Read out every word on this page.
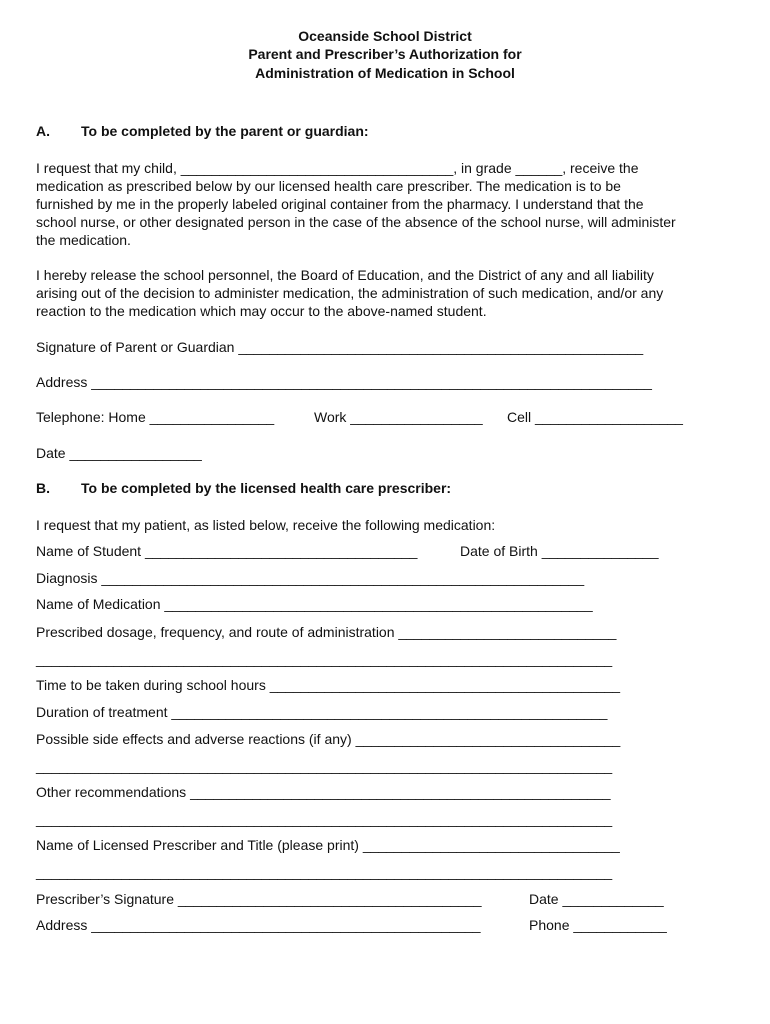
Oceanside School District
Parent and Prescriber’s Authorization for
Administration of Medication in School
A. To be completed by the parent or guardian:
I request that my child, ___________________________________, in grade ______, receive the
medication as prescribed below by our licensed health care prescriber. The medication is to be
furnished by me in the properly labeled original container from the pharmacy. I understand that the
school nurse, or other designated person in the case of the absence of the school nurse, will administer
the medication.
I hereby release the school personnel, the Board of Education, and the District of any and all liability
arising out of the decision to administer medication, the administration of such medication, and/or any
reaction to the medication which may occur to the above-named student.
Signature of Parent or Guardian ____________________________________________________
Address ________________________________________________________________________
Telephone: Home ________________	Work _________________ Cell ___________________
Date _________________
B. To be completed by the licensed health care prescriber:
I request that my patient, as listed below, receive the following medication:
Name of Student ___________________________________	Date of Birth _______________
Diagnosis ______________________________________________________________
Name of Medication _______________________________________________________
Prescribed dosage, frequency, and route of administration ____________________________
__________________________________________________________________________
Time to be taken during school hours _____________________________________________
Duration of treatment ________________________________________________________
Possible side effects and adverse reactions (if any) __________________________________
__________________________________________________________________________
Other recommendations ______________________________________________________
__________________________________________________________________________
Name of Licensed Prescriber and Title (please print) _________________________________
__________________________________________________________________________
Prescriber’s Signature _______________________________________	Date _____________
Address __________________________________________________	Phone ____________
